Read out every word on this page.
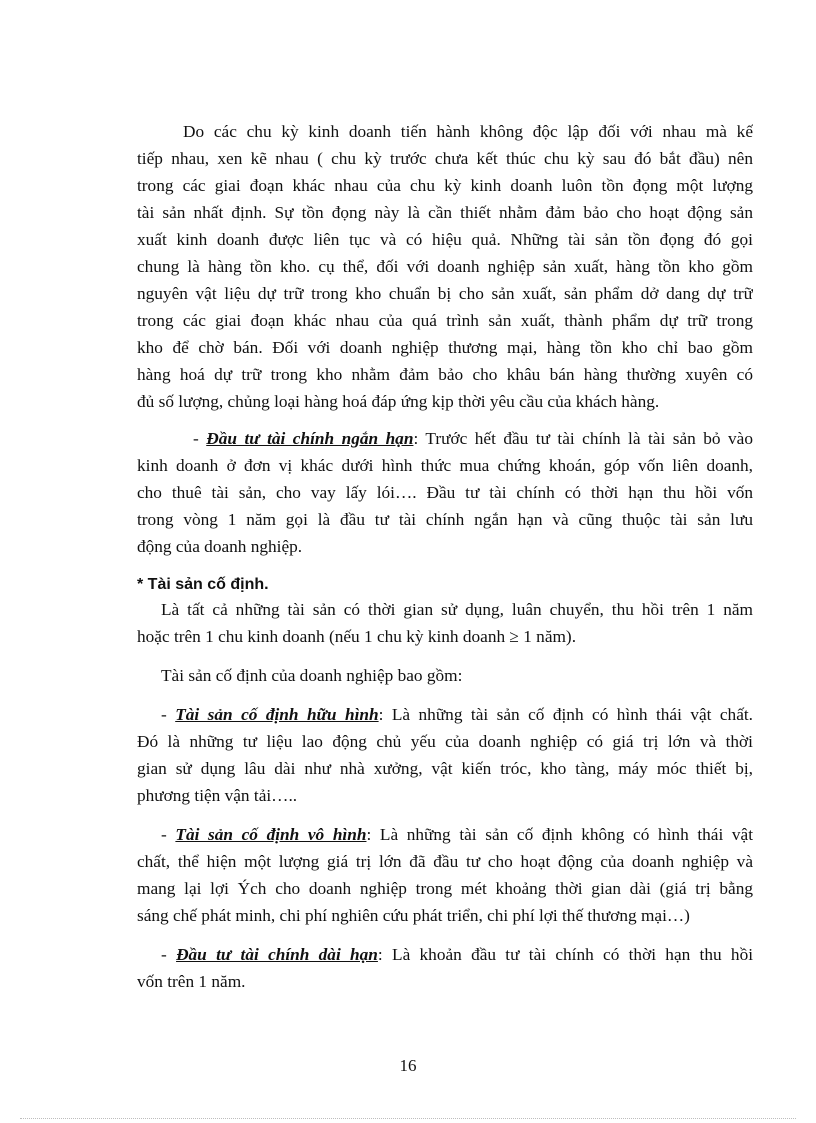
Do các chu kỳ kinh doanh tiến hành không độc lập đối với nhau mà kế
tiếp nhau, xen kẽ nhau ( chu kỳ trước chưa kết thúc chu kỳ sau đó bắt đầu) nên
trong các giai đoạn khác nhau của chu kỳ kinh doanh luôn tồn đọng một lượng
tài sản nhất định. Sự tồn đọng này là cần thiết nhằm đảm bảo cho hoạt động sản
xuất kinh doanh được liên tục và có hiệu quả. Những tài sản tồn đọng đó gọi
chung là hàng tồn kho. cụ thể, đối với doanh nghiệp sản xuất, hàng tồn kho gồm
nguyên vật liệu dự trữ trong kho chuẩn bị cho sản xuất, sản phẩm dở dang dự trữ
trong các giai đoạn khác nhau của quá trình sản xuất, thành phẩm dự trữ trong
kho để chờ bán. Đối với doanh nghiệp thương mại, hàng tồn kho chỉ bao gồm
hàng hoá dự trữ trong kho nhằm đảm bảo cho khâu bán hàng thường xuyên có
đủ số lượng, chủng loại hàng hoá đáp ứng kịp thời yêu cầu của khách hàng.
- Đầu tư tài chính ngắn hạn: Trước hết đầu tư tài chính là tài sản bỏ vào
kinh doanh ở đơn vị khác dưới hình thức mua chứng khoán, góp vốn liên doanh,
cho thuê tài sản, cho vay lấy lói…. Đầu tư tài chính có thời hạn thu hồi vốn
trong vòng 1 năm gọi là đầu tư tài chính ngắn hạn và cũng thuộc tài sản lưu
động của doanh nghiệp.
* Tài sản cố định.
Là tất cả những tài sản có thời gian sử dụng, luân chuyển, thu hồi trên 1 năm
hoặc trên 1 chu kinh doanh (nếu 1 chu kỳ kinh doanh ≥ 1 năm).
Tài sản cố định của doanh nghiệp bao gồm:
- Tài sản cố định hữu hình: Là những tài sản cố định có hình thái vật chất.
Đó là những tư liệu lao động chủ yếu của doanh nghiệp có giá trị lớn và thời
gian sử dụng lâu dài như nhà xưởng, vật kiến tróc, kho tàng, máy móc thiết bị,
phương tiện vận tải…..
- Tài sản cố định vô hình: Là những tài sản cố định không có hình thái vật
chất, thể hiện một lượng giá trị lớn đã đầu tư cho hoạt động của doanh nghiệp và
mang lại lợi Ých cho doanh nghiệp trong mét khoảng thời gian dài (giá trị bằng
sáng chế phát minh, chi phí nghiên cứu phát triển, chi phí lợi thế thương mại…)
- Đầu tư tài chính dài hạn: Là khoản đầu tư tài chính có thời hạn thu hồi
vốn trên 1 năm.
16
